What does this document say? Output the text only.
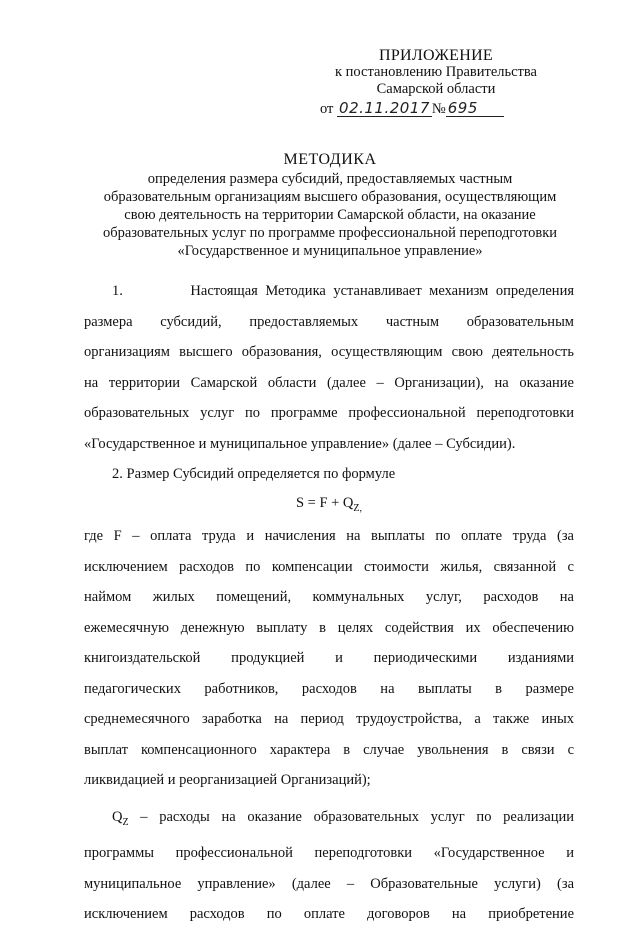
ПРИЛОЖЕНИЕ
к постановлению Правительства
Самарской области
от 02.11.2017 № 695
МЕТОДИКА
определения размера субсидий, предоставляемых частным
образовательным организациям высшего образования, осуществляющим
свою деятельность на территории Самарской области, на оказание
образовательных услуг по программе профессиональной переподготовки
«Государственное и муниципальное управление»
1.         Настоящая Методика устанавливает механизм определения
размера субсидий, предоставляемых частным образовательным
организациям высшего образования, осуществляющим свою деятельность
на территории Самарской области (далее – Организации), на оказание
образовательных услуг по программе профессиональной переподготовки
«Государственное и муниципальное управление» (далее – Субсидии).
2. Размер Субсидий определяется по формуле
$S = F + Q_{Z,}$
где F – оплата труда и начисления на выплаты по оплате труда (за
исключением расходов по компенсации стоимости жилья, связанной с
наймом жилых помещений, коммунальных услуг, расходов на
ежемесячную денежную выплату в целях содействия их обеспечению
книгоиздательской продукцией и периодическими изданиями
педагогических работников, расходов на выплаты в размере
среднемесячного заработка на период трудоустройства, а также иных
выплат компенсационного характера в случае увольнения в связи с
ликвидацией и реорганизацией Организаций);
$Q_Z$ – расходы на оказание образовательных услуг по реализации
программы профессиональной переподготовки «Государственное и
муниципальное управление» (далее – Образовательные услуги) (за
исключением расходов по оплате договоров на приобретение
